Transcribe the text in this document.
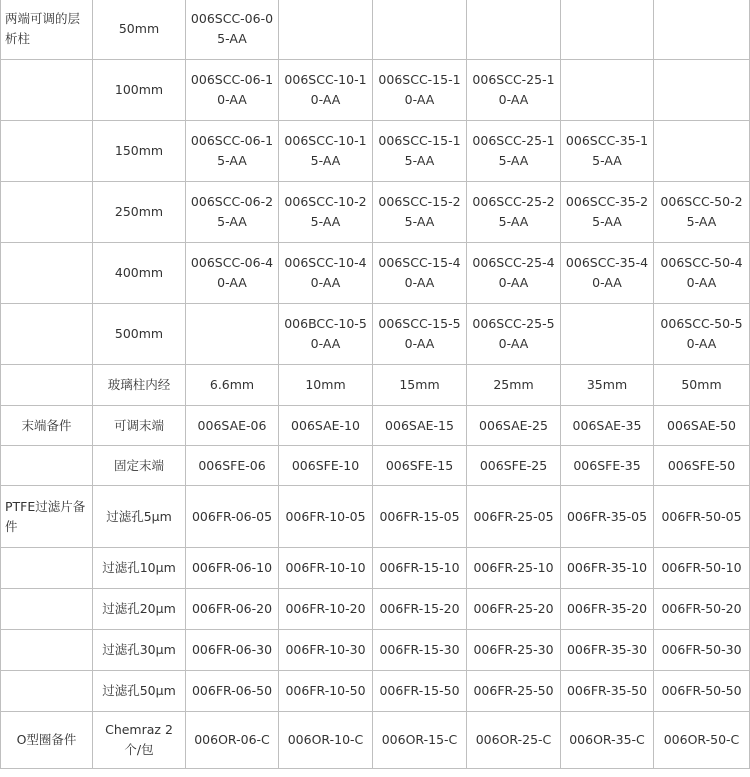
两端可调的层析柱	50mm	006SCC-06-05-AA					
	100mm	006SCC-06-10-AA	006SCC-10-10-AA	006SCC-15-10-AA	006SCC-25-10-AA		
	150mm	006SCC-06-15-AA	006SCC-10-15-AA	006SCC-15-15-AA	006SCC-25-15-AA	006SCC-35-15-AA	
	250mm	006SCC-06-25-AA	006SCC-10-25-AA	006SCC-15-25-AA	006SCC-25-25-AA	006SCC-35-25-AA	006SCC-50-25-AA
	400mm	006SCC-06-40-AA	006SCC-10-40-AA	006SCC-15-40-AA	006SCC-25-40-AA	006SCC-35-40-AA	006SCC-50-40-AA
	500mm		006BCC-10-50-AA	006SCC-15-50-AA	006SCC-25-50-AA		006SCC-50-50-AA
	玻璃柱内经	6.6mm	10mm	15mm	25mm	35mm	50mm
末端备件	可调末端	006SAE-06	006SAE-10	006SAE-15	006SAE-25	006SAE-35	006SAE-50
	固定末端	006SFE-06	006SFE-10	006SFE-15	006SFE-25	006SFE-35	006SFE-50
PTFE过滤片备件	过滤孔5μm	006FR-06-05	006FR-10-05	006FR-15-05	006FR-25-05	006FR-35-05	006FR-50-05
	过滤孔10μm	006FR-06-10	006FR-10-10	006FR-15-10	006FR-25-10	006FR-35-10	006FR-50-10
	过滤孔20μm	006FR-06-20	006FR-10-20	006FR-15-20	006FR-25-20	006FR-35-20	006FR-50-20
	过滤孔30μm	006FR-06-30	006FR-10-30	006FR-15-30	006FR-25-30	006FR-35-30	006FR-50-30
	过滤孔50μm	006FR-06-50	006FR-10-50	006FR-15-50	006FR-25-50	006FR-35-50	006FR-50-50
O型圈备件	Chemraz 2个/包	006OR-06-C	006OR-10-C	006OR-15-C	006OR-25-C	006OR-35-C	006OR-50-C
